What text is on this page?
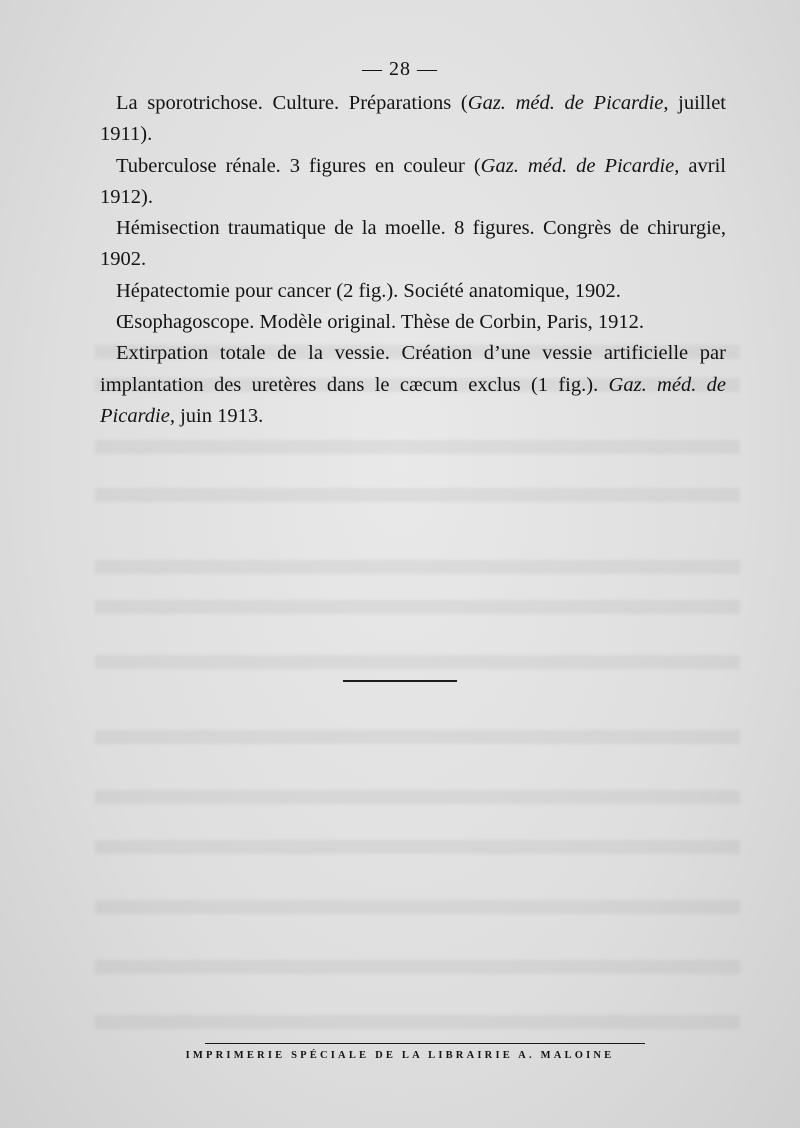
— 28 —

La sporotrichose. Culture. Préparations (Gaz. méd. de Picardie, juillet 1911).

Tuberculose rénale. 3 figures en couleur (Gaz. méd. de Picardie, avril 1912).

Hémisection traumatique de la moelle. 8 figures. Congrès de chirurgie, 1902.

Hépatectomie pour cancer (2 fig.). Société anatomique, 1902.

Œsophagoscope. Modèle original. Thèse de Corbin, Paris, 1912.

Extirpation totale de la vessie. Création d’une vessie artificielle par implantation des uretères dans le cæcum exclus (1 fig.). Gaz. méd. de Picardie, juin 1913.

IMPRIMERIE SPÉCIALE DE LA LIBRAIRIE A. MALOINE
